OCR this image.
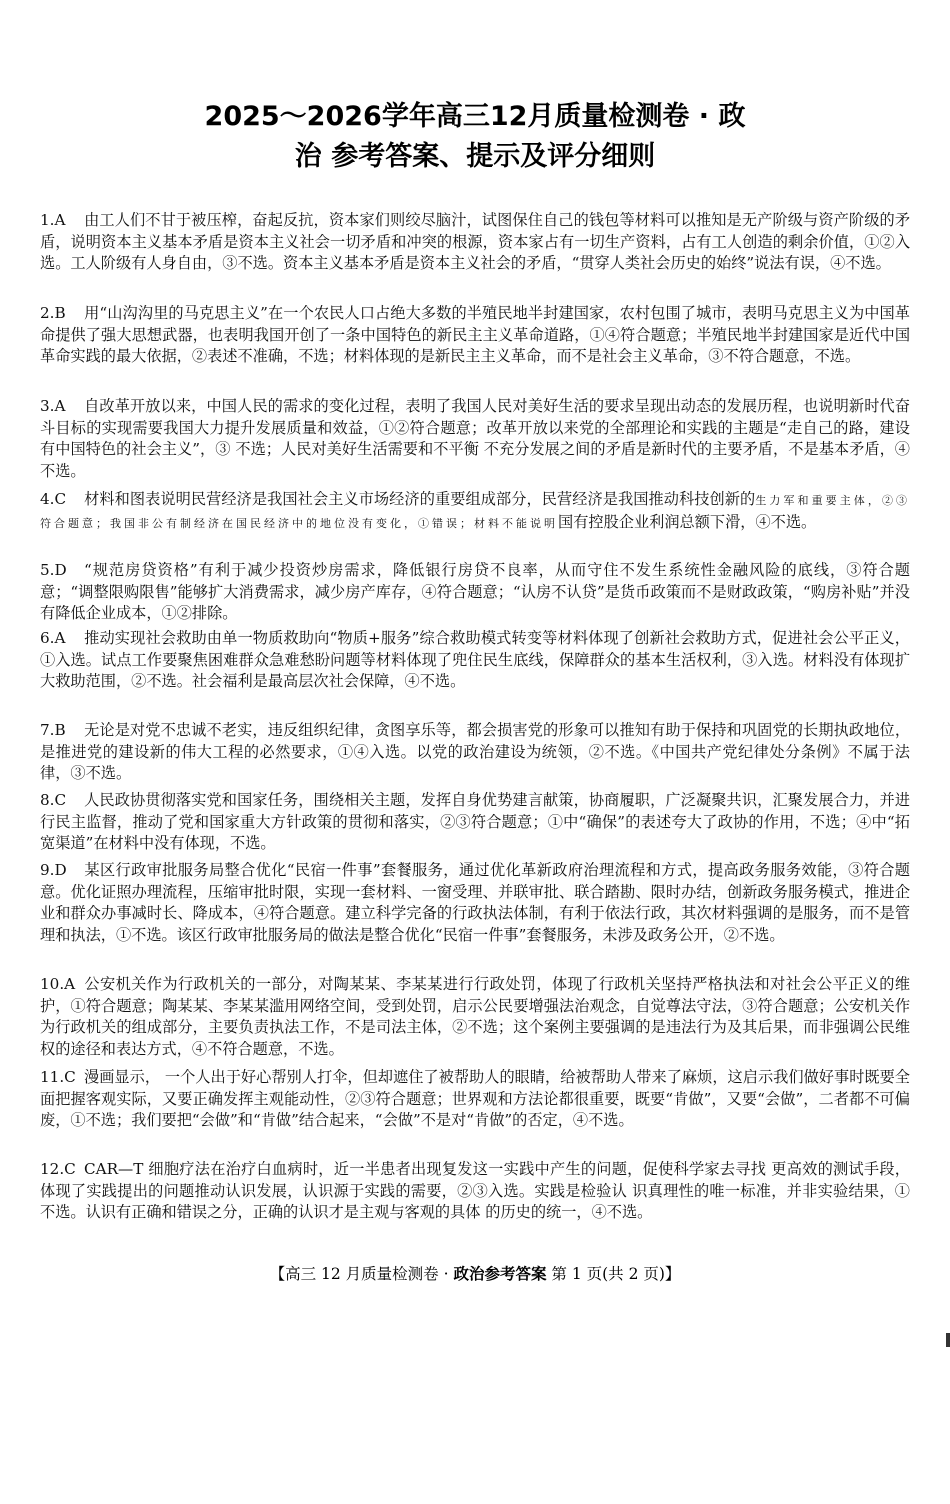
2025～2026学年高三12月质量检测卷 · 政
治 参考答案、提示及评分细则
1.A 由工人们不甘于被压榨，奋起反抗，资本家们则绞尽脑汁，试图保住自己的钱包等材料可以推知是无产阶级与资产阶级的矛盾，说明资本主义基本矛盾是资本主义社会一切矛盾和冲突的根源，资本家占有一切生产资料，占有工人创造的剩余价值，①②入选。工人阶级有人身自由，③不选。资本主义基本矛盾是资本主义社会的矛盾，“贯穿人类社会历史的始终”说法有误，④不选。
2.B 用“山沟沟里的马克思主义”在一个农民人口占绝大多数的半殖民地半封建国家，农村包围了城市，表明马克思主义为中国革命提供了强大思想武器，也表明我国开创了一条中国特色的新民主主义革命道路，①④符合题意；半殖民地半封建国家是近代中国革命实践的最大依据，②表述不准确，不选；材料体现的是新民主主义革命，而不是社会主义革命，③不符合题意，不选。
3.A 自改革开放以来，中国人民的需求的变化过程，表明了我国人民对美好生活的要求呈现出动态的发展历程，也说明新时代奋斗目标的实现需要我国大力提升发展质量和效益，①②符合题意；改革开放以来党的全部理论和实践的主题是“走自己的路，建设有中国特色的社会主义”，③ 不选；人民对美好生活需要和不平衡 不充分发展之间的矛盾是新时代的主要矛盾，不是基本矛盾，④不选。
4.C 材料和图表说明民营经济是我国社会主义市场经济的重要组成部分，民营经济是我国推动科技创新的生力军和重要主体，②③符合题意；我国非公有制经济在国民经济中的地位没有变化，①错误；材料不能说明国有控股企业利润总额下滑，④不选。
5.D “规范房贷资格”有利于减少投资炒房需求，降低银行房贷不良率，从而守住不发生系统性金融风险的底线，③符合题意；“调整限购限售”能够扩大消费需求，减少房产库存，④符合题意；“认房不认贷”是货币政策而不是财政政策，“购房补贴”并没有降低企业成本，①②排除。
6.A 推动实现社会救助由单一物质救助向“物质+服务”综合救助模式转变等材料体现了创新社会救助方式，促进社会公平正义，①入选。试点工作要聚焦困难群众急难愁盼问题等材料体现了兜住民生底线，保障群众的基本生活权利，③入选。材料没有体现扩大救助范围，②不选。社会福利是最高层次社会保障，④不选。
7.B 无论是对党不忠诚不老实，违反组织纪律，贪图享乐等，都会损害党的形象可以推知有助于保持和巩固党的长期执政地位，是推进党的建设新的伟大工程的必然要求，①④入选。以党的政治建设为统领，②不选。《中国共产党纪律处分条例》不属于法律，③不选。
8.C 人民政协贯彻落实党和国家任务，围绕相关主题，发挥自身优势建言献策，协商履职，广泛凝聚共识，汇聚发展合力，并进行民主监督，推动了党和国家重大方针政策的贯彻和落实，②③符合题意；①中“确保”的表述夸大了政协的作用，不选；④中“拓宽渠道”在材料中没有体现，不选。
9.D 某区行政审批服务局整合优化“民宿一件事”套餐服务，通过优化革新政府治理流程和方式，提高政务服务效能，③符合题意。优化证照办理流程，压缩审批时限，实现一套材料、一窗受理、并联审批、联合踏勘、限时办结，创新政务服务模式，推进企业和群众办事减时长、降成本，④符合题意。建立科学完备的行政执法体制，有利于依法行政，其次材料强调的是服务，而不是管理和执法，①不选。该区行政审批服务局的做法是整合优化“民宿一件事”套餐服务，未涉及政务公开，②不选。
10.A 公安机关作为行政机关的一部分，对陶某某、李某某进行行政处罚，体现了行政机关坚持严格执法和对社会公平正义的维护，①符合题意；陶某某、李某某滥用网络空间，受到处罚，启示公民要增强法治观念，自觉尊法守法，③符合题意；公安机关作为行政机关的组成部分，主要负责执法工作，不是司法主体，②不选；这个案例主要强调的是违法行为及其后果，而非强调公民维权的途径和表达方式，④不符合题意，不选。
11.C 漫画显示， 一个人出于好心帮别人打伞，但却遮住了被帮助人的眼睛，给被帮助人带来了麻烦，这启示我们做好事时既要全面把握客观实际，又要正确发挥主观能动性，②③符合题意；世界观和方法论都很重要，既要“肯做”，又要“会做”，二者都不可偏废，①不选；我们要把“会做”和“肯做”结合起来，“会做”不是对“肯做”的否定，④不选。
12.C CAR—T 细胞疗法在治疗白血病时，近一半患者出现复发这一实践中产生的问题，促使科学家去寻找 更高效的测试手段，体现了实践提出的问题推动认识发展，认识源于实践的需要，②③入选。实践是检验认 识真理性的唯一标准，并非实验结果，①不选。认识有正确和错误之分，正确的认识才是主观与客观的具体 的历史的统一，④不选。
【高三 12 月质量检测卷 · 政治参考答案 第 1 页(共 2 页)】
